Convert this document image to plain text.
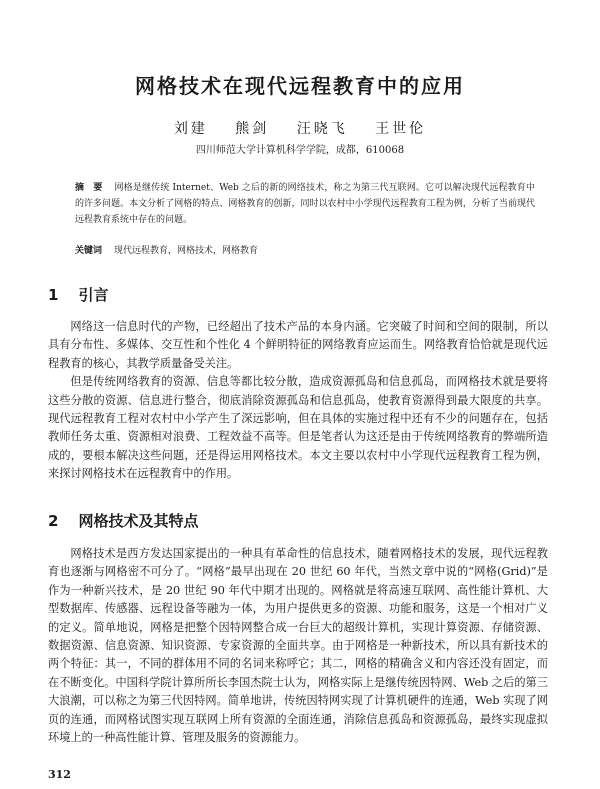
网格技术在现代远程教育中的应用
刘建 熊剑 汪晓飞 王世伦
四川师范大学计算机科学学院，成都，610068
摘　要 网格是继传统 Internet、Web 之后的新的网络技术，称之为第三代互联网。它可以解决现代远程教育中的许多问题。本文分析了网格的特点、网格教育的创新，同时以农村中小学现代远程教育工程为例，分析了当前现代远程教育系统中存在的问题。
关键词 现代远程教育，网格技术，网格教育
1 引言

网络这一信息时代的产物，已经超出了技术产品的本身内涵。它突破了时间和空间的限制，所以具有分布性、多媒体、交互性和个性化 4 个鲜明特征的网络教育应运而生。网络教育恰恰就是现代远程教育的核心，其教学质量备受关注。

但是传统网络教育的资源、信息等都比较分散，造成资源孤岛和信息孤岛，而网格技术就是要将这些分散的资源、信息进行整合，彻底消除资源孤岛和信息孤岛，使教育资源得到最大限度的共享。现代远程教育工程对农村中小学产生了深远影响，但在具体的实施过程中还有不少的问题存在，包括教师任务太重、资源相对浪费、工程效益不高等。但是笔者认为这还是由于传统网络教育的弊端所造成的，要根本解决这些问题，还是得运用网格技术。本文主要以农村中小学现代远程教育工程为例，来探讨网格技术在远程教育中的作用。

2 网格技术及其特点

网格技术是西方发达国家提出的一种具有革命性的信息技术，随着网格技术的发展，现代远程教育也逐渐与网格密不可分了。“网格”最早出现在 20 世纪 60 年代，当然文章中说的“网格(Grid)”是作为一种新兴技术，是 20 世纪 90 年代中期才出现的。网格就是将高速互联网、高性能计算机、大型数据库、传感器、远程设备等融为一体，为用户提供更多的资源、功能和服务，这是一个相对广义的定义。简单地说，网格是把整个因特网整合成一台巨大的超级计算机，实现计算资源、存储资源、数据资源、信息资源、知识资源、专家资源的全面共享。由于网格是一种新技术，所以具有新技术的两个特征：其一，不同的群体用不同的名词来称呼它；其二，网格的精确含义和内容还没有固定，而在不断变化。中国科学院计算所所长李国杰院士认为，网格实际上是继传统因特网、Web 之后的第三大浪潮，可以称之为第三代因特网。简单地讲，传统因特网实现了计算机硬件的连通，Web 实现了网页的连通，而网格试图实现互联网上所有资源的全面连通，消除信息孤岛和资源孤岛，最终实现虚拟环境上的一种高性能计算、管理及服务的资源能力。

312
